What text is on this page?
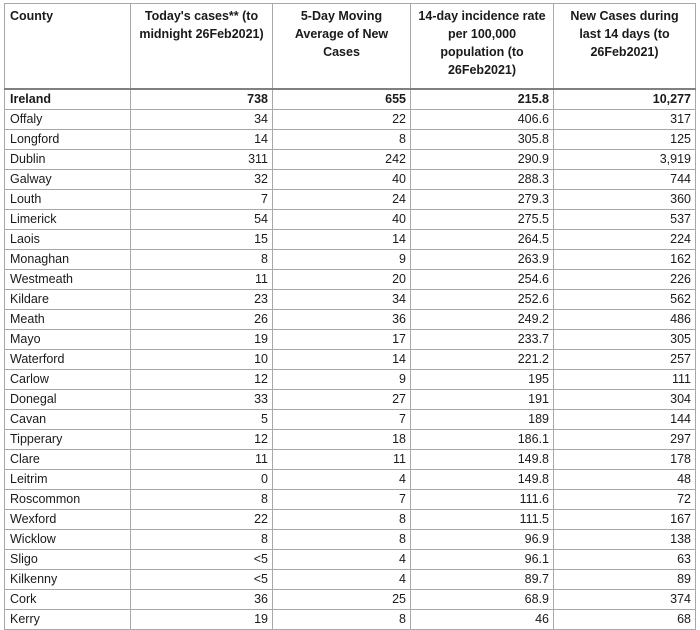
County	Today's cases** (to midnight 26Feb2021)	5-Day Moving Average of New Cases	14-day incidence rate per 100,000 population (to 26Feb2021)	New Cases during last 14 days (to 26Feb2021)
Ireland	738	655	215.8	10,277
Offaly	34	22	406.6	317
Longford	14	8	305.8	125
Dublin	311	242	290.9	3,919
Galway	32	40	288.3	744
Louth	7	24	279.3	360
Limerick	54	40	275.5	537
Laois	15	14	264.5	224
Monaghan	8	9	263.9	162
Westmeath	11	20	254.6	226
Kildare	23	34	252.6	562
Meath	26	36	249.2	486
Mayo	19	17	233.7	305
Waterford	10	14	221.2	257
Carlow	12	9	195	111
Donegal	33	27	191	304
Cavan	5	7	189	144
Tipperary	12	18	186.1	297
Clare	11	11	149.8	178
Leitrim	0	4	149.8	48
Roscommon	8	7	111.6	72
Wexford	22	8	111.5	167
Wicklow	8	8	96.9	138
Sligo	<5	4	96.1	63
Kilkenny	<5	4	89.7	89
Cork	36	25	68.9	374
Kerry	19	8	46	68
